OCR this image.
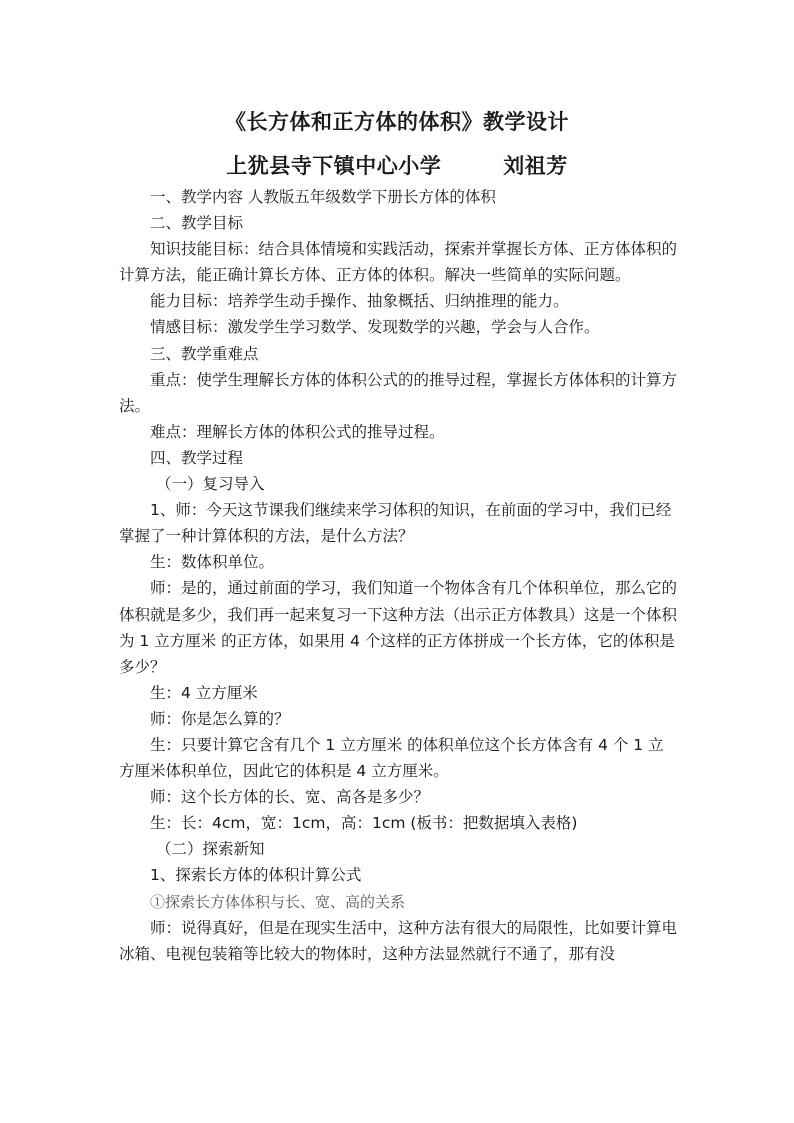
《长方体和正方体的体积》教学设计
上犹县寺下镇中心小学	刘祖芳

一、教学内容 人教版五年级数学下册长方体的体积

二、教学目标

知识技能目标：结合具体情境和实践活动，探索并掌握长方体、正方体体积的计算方法，能正确计算长方体、正方体的体积。解决一些简单的实际问题。

能力目标：培养学生动手操作、抽象概括、归纳推理的能力。

情感目标：激发学生学习数学、发现数学的兴趣，学会与人合作。

三、教学重难点

重点：使学生理解长方体的体积公式的的推导过程，掌握长方体体积的计算方法。

难点：理解长方体的体积公式的推导过程。

四、教学过程

（一）复习导入

1、师：今天这节课我们继续来学习体积的知识，在前面的学习中，我们已经掌握了一种计算体积的方法，是什么方法？

生：数体积单位。

师：是的，通过前面的学习，我们知道一个物体含有几个体积单位，那么它的体积就是多少，我们再一起来复习一下这种方法（出示正方体教具）这是一个体积为 1 立方厘米 的正方体，如果用 4 个这样的正方体拼成一个长方体，它的体积是多少？

生：4 立方厘米

师：你是怎么算的？

生：只要计算它含有几个 1 立方厘米 的体积单位这个长方体含有 4 个 1 立方厘米体积单位，因此它的体积是 4 立方厘米。

师：这个长方体的长、宽、高各是多少？

生：长：4cm，宽：1cm，高：1cm (板书：把数据填入表格)

（二）探索新知

1、探索长方体的体积计算公式

①探索长方体体积与长、宽、高的关系

师：说得真好，但是在现实生活中，这种方法有很大的局限性，比如要计算电冰箱、电视包装箱等比较大的物体时，这种方法显然就行不通了，那有没
